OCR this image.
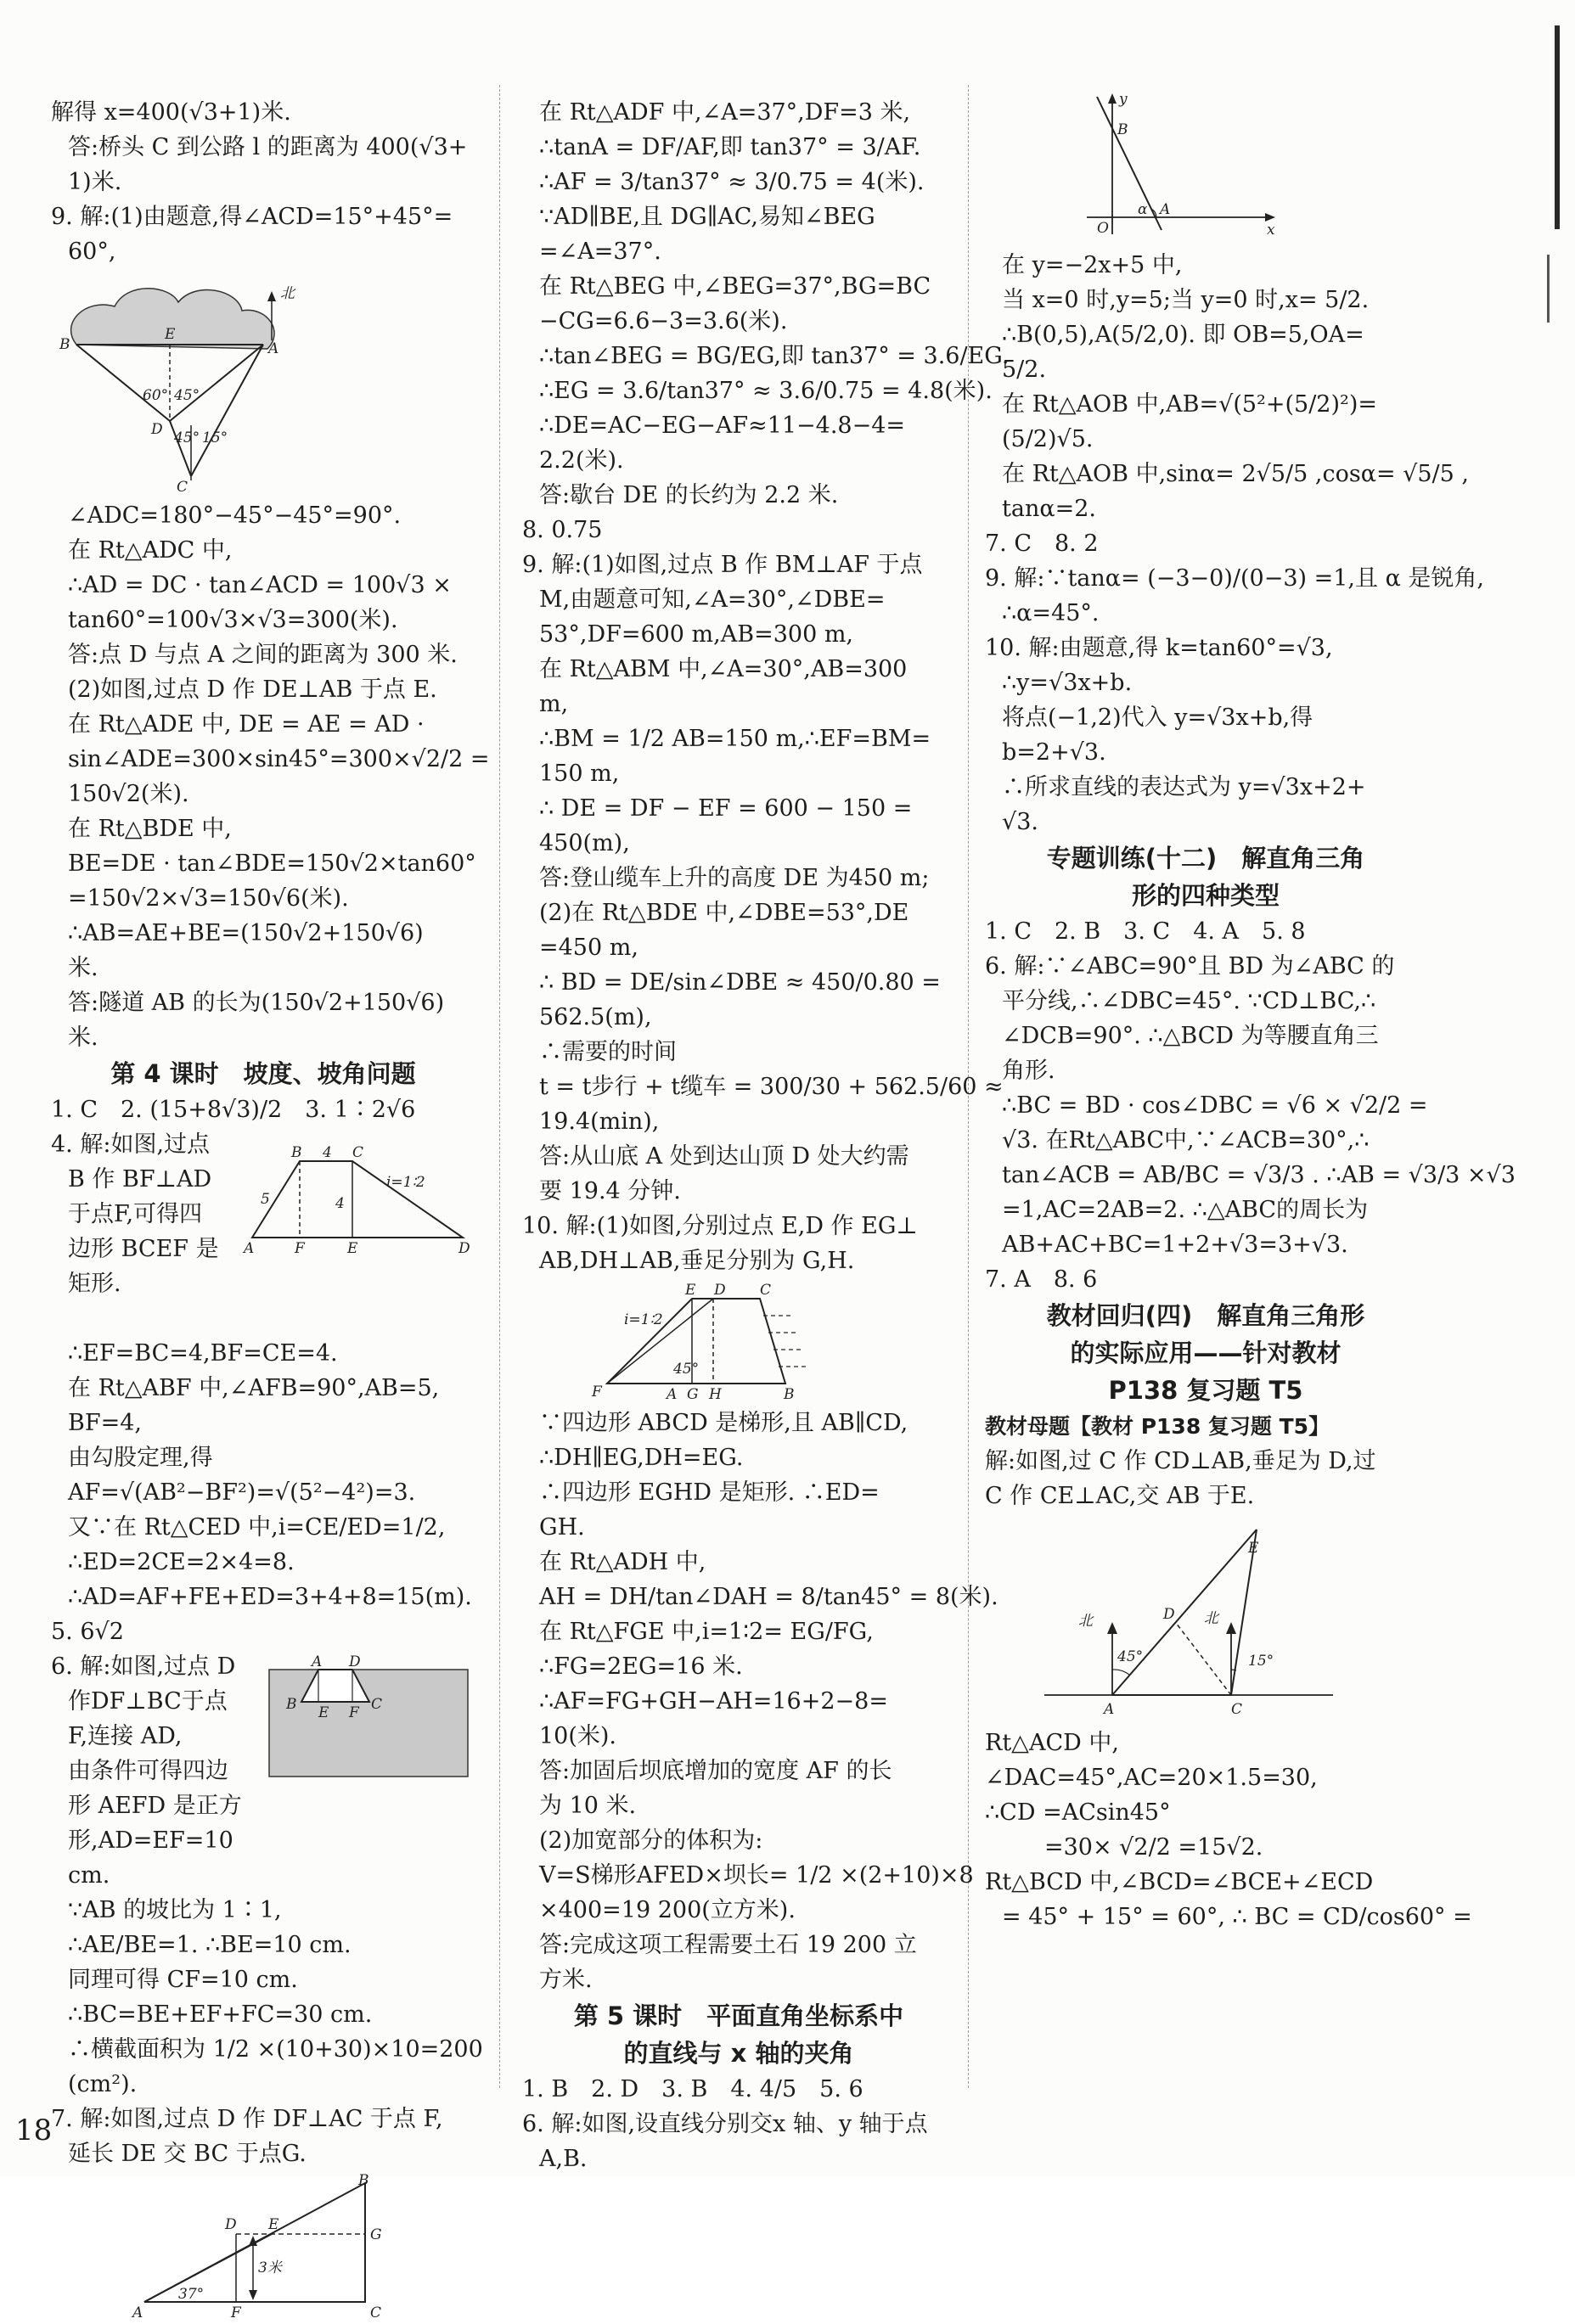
解得 x=400(√3+1)米.
答:桥头 C 到公路 l 的距离为 400(√3+
1)米.
9. 解:(1)由题意,得∠ACD=15°+45°=
60°,
北
B
E
A
60° 45°
15°
D 45°
C
∠ADC=180°−45°−45°=90°.
在 Rt△ADC 中,
∴AD = DC · tan∠ACD = 100√3 ×
tan60°=100√3×√3=300(米).
答:点 D 与点 A 之间的距离为 300 米.
(2)如图,过点 D 作 DE⊥AB 于点 E.
在 Rt△ADE 中, DE = AE = AD ·
sin∠ADE=300×sin45°=300×√2/2 =
150√2(米).
在 Rt△BDE 中,
BE=DE · tan∠BDE=150√2×tan60°
=150√2×√3=150√6(米).
∴AB=AE+BE=(150√2+150√6)
米.
答:隧道 AB 的长为(150√2+150√6)
米.
第 4 课时　坡度、坡角问题
1. C　2. (15+8√3)/2　3. 1∶2√6
4. 解:如图,过点
B 作 BF⊥AD
于点F,可得四
边形 BCEF 是
矩形.
B 4 C
i=1∶2
5	4
A	F	E	D
∴EF=BC=4,BF=CE=4.
在 Rt△ABF 中,∠AFB=90°,AB=5,
BF=4,
由勾股定理,得
AF=√(AB²−BF²)=√(5²−4²)=3.
又∵在 Rt△CED 中,i=CE/ED=1/2,
∴ED=2CE=2×4=8.
∴AD=AF+FE+ED=3+4+8=15(m).
5. 6√2
6. 解:如图,过点 D
作DF⊥BC于点
F,连接 AD,
由条件可得四边
形 AEFD 是正方
形,AD=EF=10
cm.
A D
B E F C
∵AB 的坡比为 1∶1,
∴AE/BE=1. ∴BE=10 cm.
同理可得 CF=10 cm.
∴BC=BE+EF+FC=30 cm.
∴横截面积为 1/2 ×(10+30)×10=200
(cm²).
7. 解:如图,过点 D 作 DF⊥AC 于点 F,
延长 DE 交 BC 于点G.
B
D E
G
3米
37°
A	F	C
在 Rt△ADF 中,∠A=37°,DF=3 米,
∴tanA = DF/AF,即 tan37° = 3/AF.
∴AF = 3/tan37° ≈ 3/0.75 = 4(米).
∵AD∥BE,且 DG∥AC,易知∠BEG
=∠A=37°.
在 Rt△BEG 中,∠BEG=37°,BG=BC
−CG=6.6−3=3.6(米).
∴tan∠BEG = BG/EG,即 tan37° = 3.6/EG.
∴EG = 3.6/tan37° ≈ 3.6/0.75 = 4.8(米).
∴DE=AC−EG−AF≈11−4.8−4=
2.2(米).
答:歇台 DE 的长约为 2.2 米.
8. 0.75
9. 解:(1)如图,过点 B 作 BM⊥AF 于点
M,由题意可知,∠A=30°,∠DBE=
53°,DF=600 m,AB=300 m,
在 Rt△ABM 中,∠A=30°,AB=300
m,
∴BM = 1/2 AB=150 m,∴EF=BM=
150 m,
∴ DE = DF − EF = 600 − 150 =
450(m),
答:登山缆车上升的高度 DE 为450 m;
(2)在 Rt△BDE 中,∠DBE=53°,DE
=450 m,
∴ BD = DE/sin∠DBE ≈ 450/0.80 =
562.5(m),
∴需要的时间
t = t步行 + t缆车 = 300/30 + 562.5/60 ≈
19.4(min),
答:从山底 A 处到达山顶 D 处大约需
要 19.4 分钟.
10. 解:(1)如图,分别过点 E,D 作 EG⊥
AB,DH⊥AB,垂足分别为 G,H.
i=1∶2
F
E D C
45°
A G H	B
∵四边形 ABCD 是梯形,且 AB∥CD,
∴DH∥EG,DH=EG.
∴四边形 EGHD 是矩形. ∴ED=
GH.
在 Rt△ADH 中,
AH = DH/tan∠DAH = 8/tan45° = 8(米).
在 Rt△FGE 中,i=1∶2= EG/FG,
∴FG=2EG=16 米.
∴AF=FG+GH−AH=16+2−8=
10(米).
答:加固后坝底增加的宽度 AF 的长
为 10 米.
(2)加宽部分的体积为:
V=S梯形AFED×坝长= 1/2 ×(2+10)×8
×400=19 200(立方米).
答:完成这项工程需要土石 19 200 立
方米.
第 5 课时　平面直角坐标系中
的直线与 x 轴的夹角
1. B　2. D　3. B　4. 4/5　5. 6
6. 解:如图,设直线分别交x 轴、y 轴于点
A,B.
y
B
α A
O	x
在 y=−2x+5 中,
当 x=0 时,y=5;当 y=0 时,x= 5/2.
∴B(0,5),A(5/2,0). 即 OB=5,OA=
5/2.
在 Rt△AOB 中,AB=√(5²+(5/2)²)=
(5/2)√5.
在 Rt△AOB 中,sinα= 2√5/5 ,cosα= √5/5 ,
tanα=2.
7. C　8. 2
9. 解:∵tanα= (−3−0)/(0−3) =1,且 α 是锐角,
∴α=45°.
10. 解:由题意,得 k=tan60°=√3,
∴y=√3x+b.
将点(−1,2)代入 y=√3x+b,得
b=2+√3.
∴所求直线的表达式为 y=√3x+2+
√3.
专题训练(十二)　解直角三角
形的四种类型
1. C　2. B　3. C　4. A　5. 8
6. 解:∵∠ABC=90°且 BD 为∠ABC 的
平分线,∴∠DBC=45°. ∵CD⊥BC,∴
∠DCB=90°. ∴△BCD 为等腰直角三
角形.
∴BC = BD · cos∠DBC = √6 × √2/2 =
√3. 在Rt△ABC中,∵∠ACB=30°,∴
tan∠ACB = AB/BC = √3/3 . ∴AB = √3/3 ×√3
=1,AC=2AB=2. ∴△ABC的周长为
AB+AC+BC=1+2+√3=3+√3.
7. A　8. 6
教材回归(四)　解直角三角形
的实际应用——针对教材
P138 复习题 T5
教材母题【教材 P138 复习题 T5】
解:如图,过 C 作 CD⊥AB,垂足为 D,过
C 作 CE⊥AC,交 AB 于E.
E
北	D 北
45°	15°
A	C
Rt△ACD 中,
∠DAC=45°,AC=20×1.5=30,
∴CD =ACsin45°
=30× √2/2 =15√2.
Rt△BCD 中,∠BCD=∠BCE+∠ECD
= 45° + 15° = 60°, ∴ BC = CD/cos60° =
18
